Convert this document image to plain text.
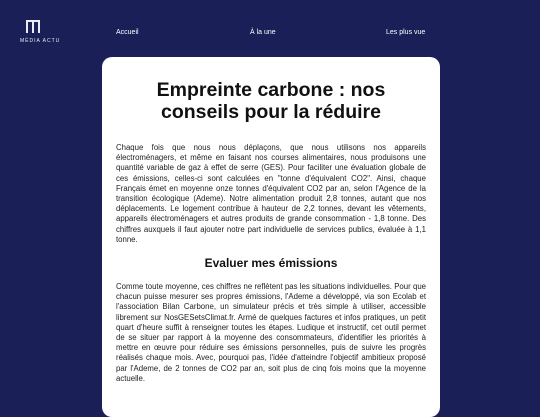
MÉDIA ACTU
Accueil	À la une	Les plus vue
Empreinte carbone : nos conseils pour la réduire

Chaque fois que nous nous déplaçons, que nous utilisons nos appareils électroménagers, et même en faisant nos courses alimentaires, nous produisons une quantité variable de gaz à effet de serre (GES). Pour faciliter une évaluation globale de ces émissions, celles-ci sont calculées en "tonne d'équivalent CO2". Ainsi, chaque Français émet en moyenne onze tonnes d'équivalent CO2 par an, selon l'Agence de la transition écologique (Ademe). Notre alimentation produit 2,8 tonnes, autant que nos déplacements. Le logement contribue à hauteur de 2,2 tonnes, devant les vêtements, appareils électroménagers et autres produits de grande consommation - 1,8 tonne. Des chiffres auxquels il faut ajouter notre part individuelle de services publics, évaluée à 1,1 tonne.

Evaluer mes émissions

Comme toute moyenne, ces chiffres ne reflètent pas les situations individuelles. Pour que chacun puisse mesurer ses propres émissions, l'Ademe a développé, via son Ecolab et l'association Bilan Carbone, un simulateur précis et très simple à utiliser, accessible librement sur NosGESetsClimat.fr. Armé de quelques factures et infos pratiques, un petit quart d'heure suffit à renseigner toutes les étapes. Ludique et instructif, cet outil permet de se situer par rapport à la moyenne des consommateurs, d'identifier les priorités à mettre en œuvre pour réduire ses émissions personnelles, puis de suivre les progrès réalisés chaque mois. Avec, pourquoi pas, l'idée d'atteindre l'objectif ambitieux proposé par l'Ademe, de 2 tonnes de CO2 par an, soit plus de cinq fois moins que la moyenne actuelle.
